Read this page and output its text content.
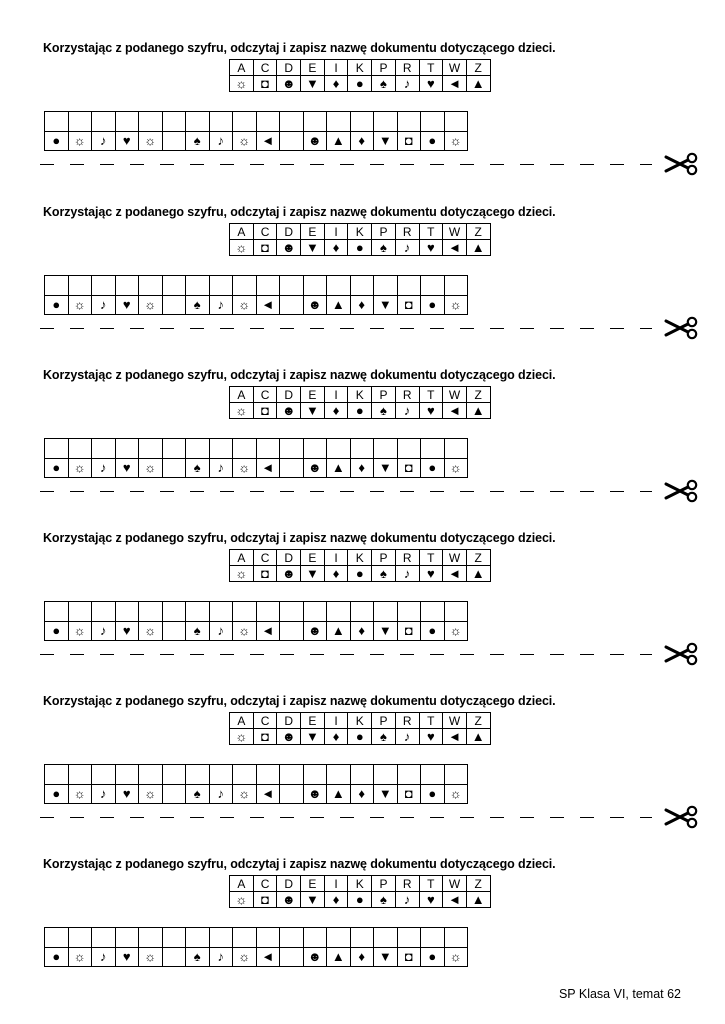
Korzystając z podanego szyfru, odczytaj i zapisz nazwę dokumentu dotyczącego dzieci.
A	C	D	E	I	K	P	R	T	W	Z
☼	◘	☻	▼	♦	●	♠	♪	♥	◄	▲

●	☼	♪	♥	☼		♠	♪	☼	◄		☻	▲	♦	▼	◘	●	☼
Korzystając z podanego szyfru, odczytaj i zapisz nazwę dokumentu dotyczącego dzieci.
A	C	D	E	I	K	P	R	T	W	Z
☼	◘	☻	▼	♦	●	♠	♪	♥	◄	▲

●	☼	♪	♥	☼		♠	♪	☼	◄		☻	▲	♦	▼	◘	●	☼
Korzystając z podanego szyfru, odczytaj i zapisz nazwę dokumentu dotyczącego dzieci.
A	C	D	E	I	K	P	R	T	W	Z
☼	◘	☻	▼	♦	●	♠	♪	♥	◄	▲

●	☼	♪	♥	☼		♠	♪	☼	◄		☻	▲	♦	▼	◘	●	☼
Korzystając z podanego szyfru, odczytaj i zapisz nazwę dokumentu dotyczącego dzieci.
A	C	D	E	I	K	P	R	T	W	Z
☼	◘	☻	▼	♦	●	♠	♪	♥	◄	▲

●	☼	♪	♥	☼		♠	♪	☼	◄		☻	▲	♦	▼	◘	●	☼
Korzystając z podanego szyfru, odczytaj i zapisz nazwę dokumentu dotyczącego dzieci.
A	C	D	E	I	K	P	R	T	W	Z
☼	◘	☻	▼	♦	●	♠	♪	♥	◄	▲

●	☼	♪	♥	☼		♠	♪	☼	◄		☻	▲	♦	▼	◘	●	☼
Korzystając z podanego szyfru, odczytaj i zapisz nazwę dokumentu dotyczącego dzieci.
A	C	D	E	I	K	P	R	T	W	Z
☼	◘	☻	▼	♦	●	♠	♪	♥	◄	▲

●	☼	♪	♥	☼		♠	♪	☼	◄		☻	▲	♦	▼	◘	●	☼
SP Klasa VI, temat 62
